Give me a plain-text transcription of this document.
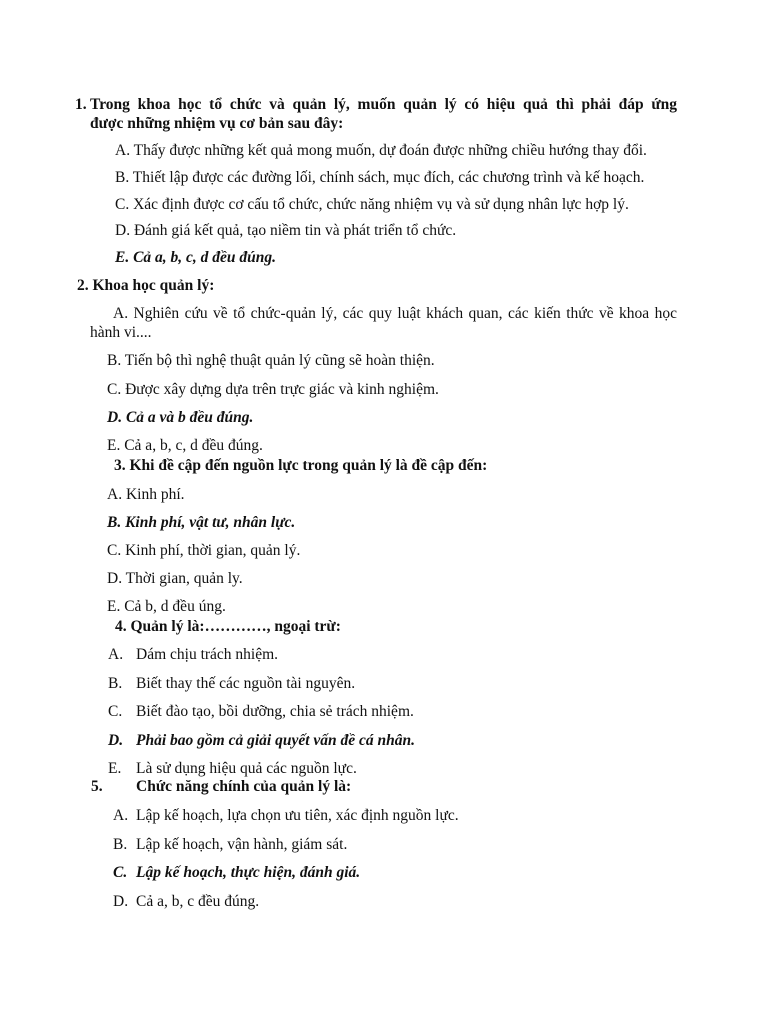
1. Trong khoa học tổ chức và quản lý, muốn quản lý có hiệu quả thì phải đáp ứng
được những nhiệm vụ cơ bản sau đây:
A. Thấy được những kết quả mong muốn, dự đoán được những chiều hướng thay đổi.
B. Thiết lập được các đường lối, chính sách, mục đích, các chương trình và kế hoạch.
C. Xác định được cơ cấu tổ chức, chức năng nhiệm vụ và sử dụng nhân lực hợp lý.
D. Đánh giá kết quả, tạo niềm tin và phát triển tổ chức.
E. Cả a, b, c, d đều đúng.
2. Khoa học quản lý:
A. Nghiên cứu về tổ chức-quản lý, các quy luật khách quan, các kiến thức về khoa học
hành vi....
B. Tiến bộ thì nghệ thuật quản lý cũng sẽ hoàn thiện.
C. Được xây dựng dựa trên trực giác và kinh nghiệm.
D. Cả a và b đều đúng.
E. Cả a, b, c, d đều đúng.
3. Khi đề cập đến nguồn lực trong quản lý là đề cập đến:
A. Kinh phí.
B. Kinh phí, vật tư, nhân lực.
C. Kinh phí, thời gian, quản lý.
D. Thời gian, quản ly.
E. Cả b, d đều úng.
4. Quản lý là:…………, ngoại trừ:
A. Dám chịu trách nhiệm.
B. Biết thay thế các nguồn tài nguyên.
C. Biết đào tạo, bồi dưỡng, chia sẻ trách nhiệm.
D. Phải bao gồm cả giải quyết vấn đề cá nhân.
E. Là sử dụng hiệu quả các nguồn lực.
5. Chức năng chính của quản lý là:
A. Lập kế hoạch, lựa chọn ưu tiên, xác định nguồn lực.
B. Lập kế hoạch, vận hành, giám sát.
C. Lập kế hoạch, thực hiện, đánh giá.
D. Cả a, b, c đều đúng.
